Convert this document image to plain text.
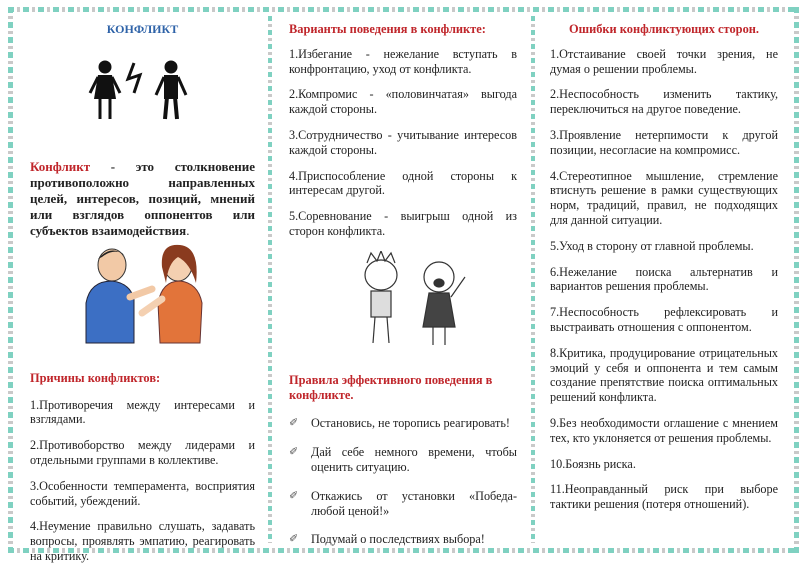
КОНФЛИКТ

Конфликт - это столкновение противоположно направленных целей, интересов, позиций, мнений или взглядов оппонентов или субъектов взаимодействия.

Причины конфликтов:
1.Противоречия между интересами и взглядами.
2.Противоборство между лидерами и отдельными группами в коллективе.
3.Особенности темперамента, восприятия событий, убеждений.
4.Неумение правильно слушать, задавать вопросы, проявлять эмпатию, реагировать на критику.
Варианты поведения в конфликте:
1.Избегание - нежелание вступать в конфронтацию, уход от конфликта.
2.Компромис - «половинчатая» выгода каждой стороны.
3.Сотрудничество - учитывание интересов каждой стороны.
4.Приспособление одной стороны к интересам другой.
5.Соревнование - выигрыш одной из сторон конфликта.
Правила эффективного поведения в конфликте.
✐	Остановись, не торопись реагировать!
✐	Дай себе немного времени, чтобы оценить ситуацию.
✐	Откажись от установки «Победа-любой ценой!»
✐	Подумай о последствиях выбора!
Ошибки конфликтующих сторон.
1.Отстаивание своей точки зрения, не думая о решении проблемы.
2.Неспособность изменить тактику, переключиться на другое поведение.
3.Проявление нетерпимости к другой позиции, несогласие на компромисс.
4.Стереотипное мышление, стремление втиснуть решение в рамки существующих норм, традиций, правил, не подходящих для данной ситуации.
5.Уход в сторону от главной проблемы.
6.Нежелание поиска альтернатив и вариантов решения проблемы.
7.Неспособность рефлексировать и выстраивать отношения с оппонентом.
8.Критика, продуцирование отрицательных эмоций у себя и оппонента и тем самым создание препятствие поиска оптимальных решений конфликта.
9.Без необходимости оглашение с мнением тех, кто уклоняется от решения проблемы.
10.Боязнь риска.
11.Неоправданный риск при выборе тактики решения (потеря отношений).
